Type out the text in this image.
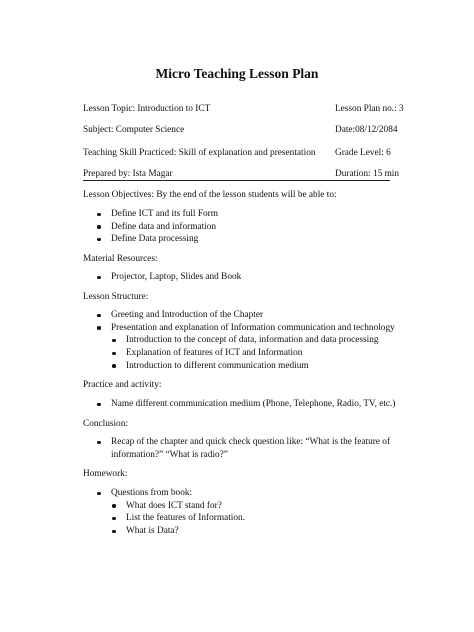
Micro Teaching Lesson Plan
Lesson Topic: Introduction to ICT	Lesson Plan no.: 3
Subject: Computer Science	Date:08/12/2084
Teaching Skill Practiced: Skill of explanation and presentation Grade Level: 6
Prepared by: Ista Magar	Duration: 15 min
Lesson Objectives: By the end of the lesson students will be able to:
Define ICT and its full Form
Define data and information
Define Data processing
Material Resources:
Projector, Laptop, Slides and Book
Lesson Structure:
Greeting and Introduction of the Chapter
Presentation and explanation of Information communication and technology
Introduction to the concept of data, information and data processing
Explanation of features of ICT and Information
Introduction to different communication medium
Practice and activity:
Name different communication medium (Phone, Telephone, Radio, TV, etc.)
Conclusion:
Recap of the chapter and quick check question like: “What is the feature of information?” “What is radio?”
Homework:
Questions from book:
What does ICT stand for?
List the features of Information.
What is Data?
